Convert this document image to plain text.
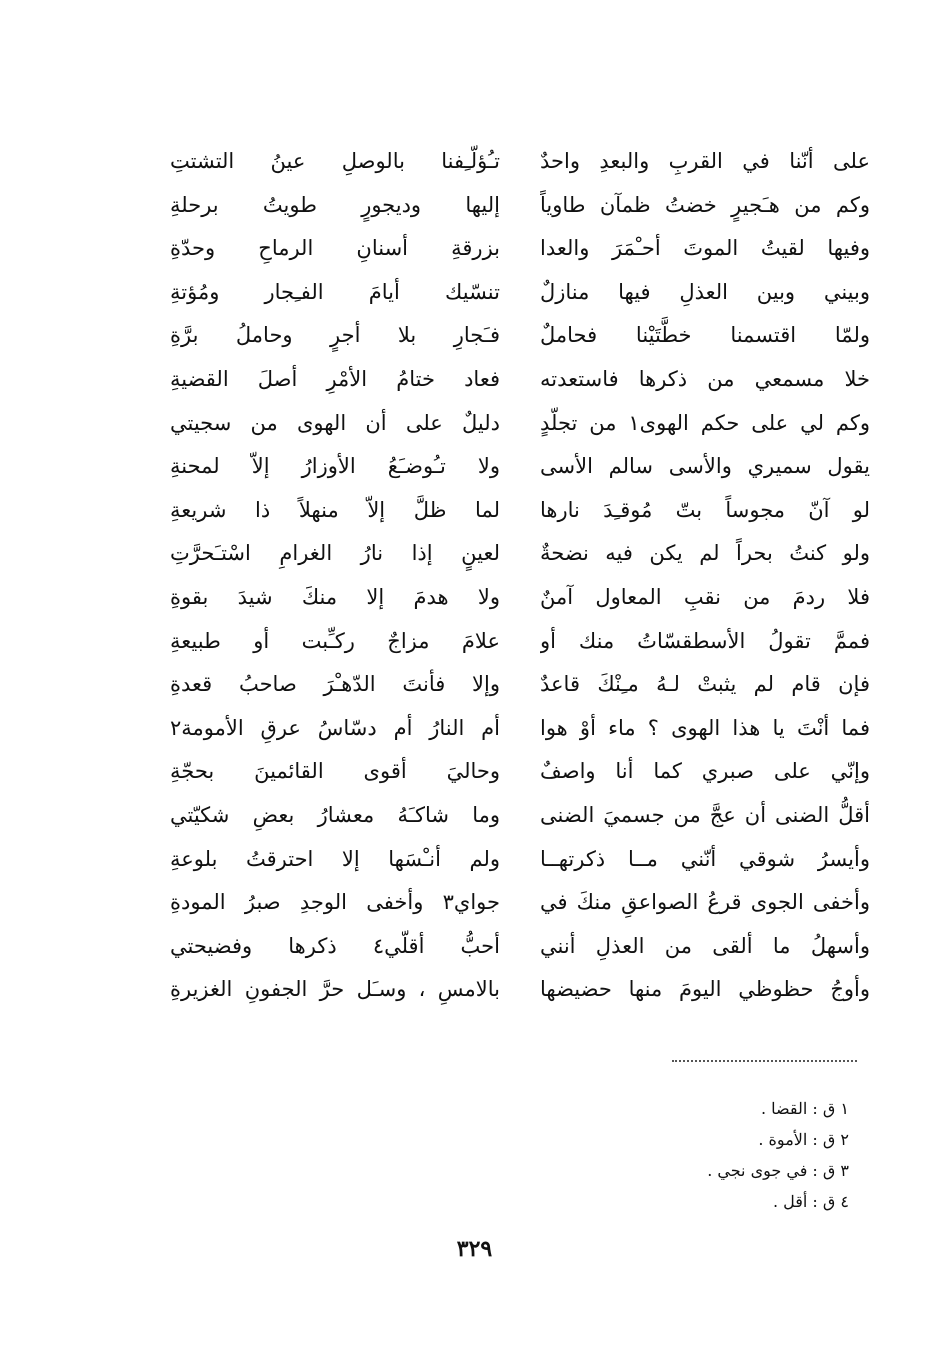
على أنّنا في القربِ والبعدِ واحدٌ
وكم من هـَجيرٍ خضتُ ظمآن طاوياً
وفيها لقيتُ الموتَ أحـْمَرَ والعدا
وبيني وبين العذلِ فيها منازلٌ
ولمّا اقتسمنا خطَّتَيْنا فحاملٌ
خلا مسمعي من ذكرها فاستعدته
وكم لي على حكم الهوى١ من تجلّدٍ
يقول سميري والأسى سالم الأسى
لو آنّ مجوساً بتّ مُوقـِدَ نارها
ولو كنتُ بحراً لم يكن فيه نضحةٌ
فلا ردمَ من نقبِ المعاول آمنٌ
فممَّ تقولُ الأسطقسّاتُ منك أو
فإن قام لم يثبتْ لـهُ مـِنْكَ قاعدٌ
فما أنْتَ يا هذا الهوى ؟ ماء أوْ هوا
وإنّي على صبري كما أنا واصفٌ
أقلُّ الضنى أن عجَّ من جسميَ الضنى
وأيسرُ شوقي أنّني مــا ذكرتهــا
وأخفى الجوى قرعُ الصواعقِ منكَ في
وأسهلُ ما ألقى من العذلِ أنني
وأوجُ حظوظي اليومَ منها حضيضها
تـُؤلّـِفنا بالوصلِ عينُ التشتتِ
إليها وديجورٍ طويتُ برحلةِ
بزرقةِ أسنانِ الرماحِ وحدّةِ
تنسّيك أيامَ الفـِجار ومُؤتةِ
فـَجارِ بلا أجرٍ وحاملُ برَّةِ
فعاد ختامُ الأمْرِ أصلَ القضيةِ
دليلٌ على أن الهوى من سجيتي
ولا تـُوضـَعُ الأوزارُ إلاّ لمحنةِ
لما ظلَّ إلاّ منهلاً ذا شريعةِ
لعينٍ إذا نارُ الغرامِ اسْتـَحرَّتِ
ولا هدمَ إلا منكَ شيدَ بقوةِ
علامَ مزاجٌ ركـِّبت أو طبيعةِ
وإلا فأنتَ الدّهـْرَ صاحبُ قعدةِ
أم النارُ أم دسّاسُ عرقِ الأمومة٢
وحاليَ أقوى القائمينَ بحجّةِ
وما شاكـَهُ معشارُ بعضِ شكيّتي
ولم أنـْسَها إلا احترقتُ بلوعةِ
جواي٣ وأخفى الوجدِ صبرُ المودةِ
أحبُّ أقلّي٤ ذكرها وفضيحتي
بالامسِ ، وسـَل حرَّ الجفونِ الغزيرةِ
١ ق : القضا .
٢ ق : الأموة .
٣ ق : في جوى نجي .
٤ ق : أقل .
٣٢٩
